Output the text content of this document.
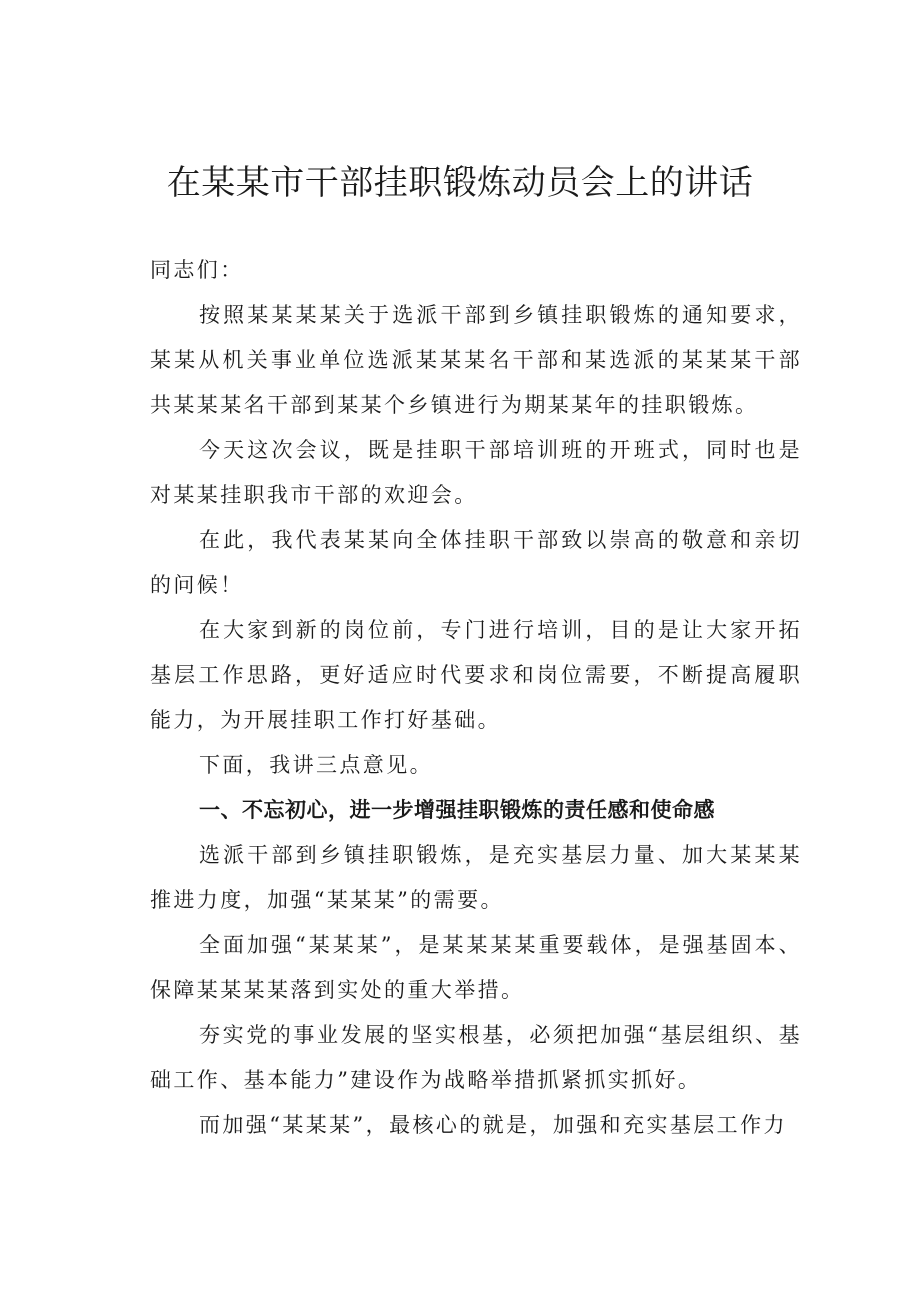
在某某市干部挂职锻炼动员会上的讲话

同志们：

按照某某某某关于选派干部到乡镇挂职锻炼的通知要求，某某从机关事业单位选派某某某名干部和某选派的某某某干部共某某某名干部到某某个乡镇进行为期某某年的挂职锻炼。

今天这次会议，既是挂职干部培训班的开班式，同时也是对某某挂职我市干部的欢迎会。

在此，我代表某某向全体挂职干部致以崇高的敬意和亲切的问候！

在大家到新的岗位前，专门进行培训，目的是让大家开拓基层工作思路，更好适应时代要求和岗位需要，不断提高履职能力，为开展挂职工作打好基础。

下面，我讲三点意见。

一、不忘初心，进一步增强挂职锻炼的责任感和使命感

选派干部到乡镇挂职锻炼，是充实基层力量、加大某某某推进力度，加强“某某某”的需要。

全面加强“某某某”，是某某某某重要载体，是强基固本、保障某某某某落到实处的重大举措。

夯实党的事业发展的坚实根基，必须把加强“基层组织、基础工作、基本能力”建设作为战略举措抓紧抓实抓好。

而加强“某某某”，最核心的就是，加强和充实基层工作力
